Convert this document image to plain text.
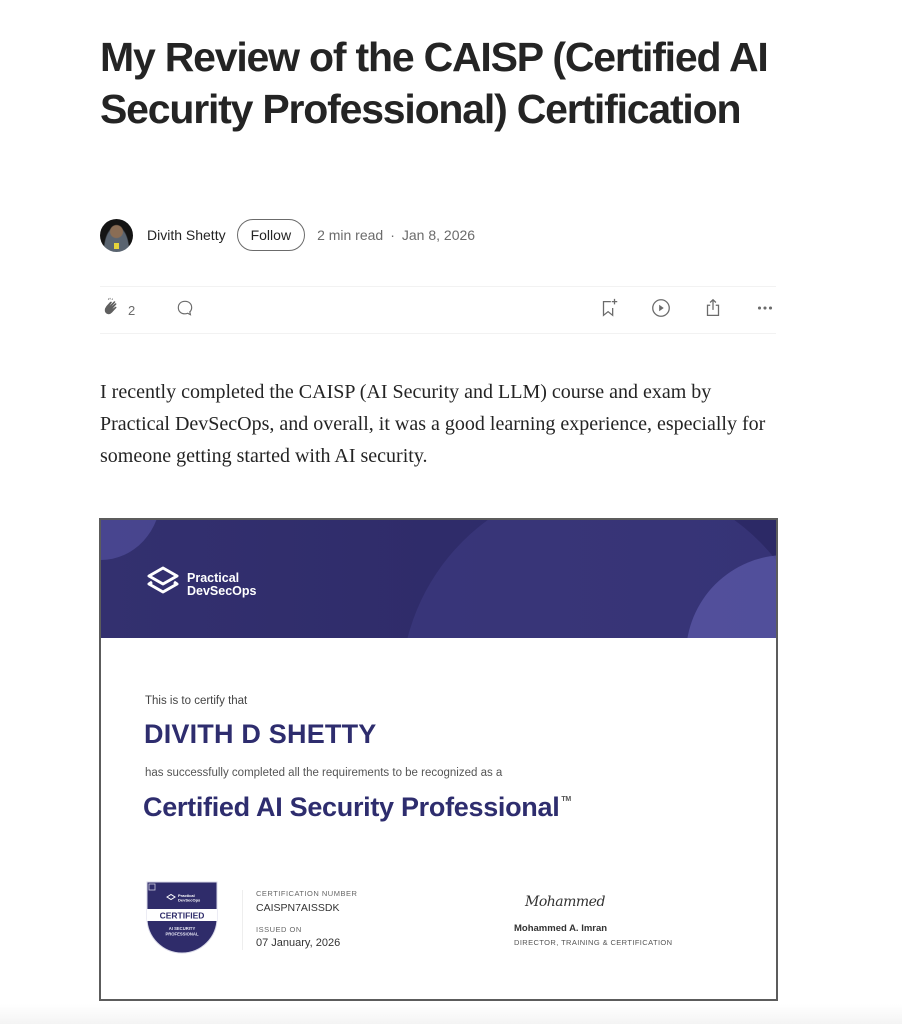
My Review of the CAISP (Certified AI Security Professional) Certification
Divith Shetty	Follow	2 min read · Jan 8, 2026
2

I recently completed the CAISP (AI Security and LLM) course and exam by Practical DevSecOps, and overall, it was a good learning experience, especially for someone getting started with AI security.

Practical
DevSecOps
This is to certify that
DIVITH D SHETTY
has successfully completed all the requirements to be recognized as a
Certified AI Security Professional ™
Practical
DevSecOps
CERTIFIED
AI SECURITY
PROFESSIONAL
CERTIFICATION NUMBER
CAISPN7AISSDK
ISSUED ON
07 January, 2026
Mohammed
Mohammed A. Imran
DIRECTOR, TRAINING & CERTIFICATION
